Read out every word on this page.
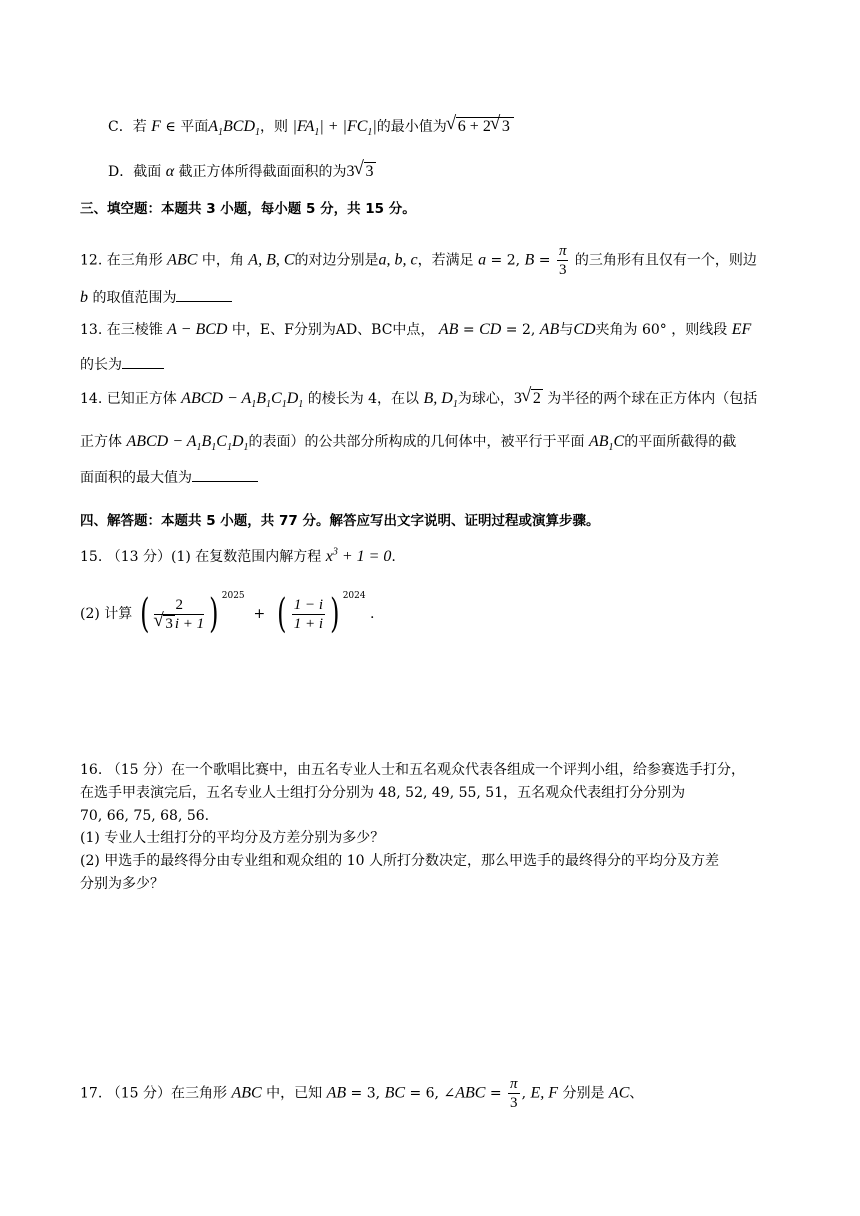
C．若 F ∈ 平面$A_1BCD_1$，则 $|FA_1| + |FC_1|$的最小值为 √ 6 + 2 √ 3
D．截面 α 截正方体所得截面面积的为3 √ 3
三、填空题：本题共 3 小题，每小题 5 分，共 15 分。
12. 在三角形 ABC 中，角 A, B, C的对边分别是a, b, c，若满足 a = 2, $B = \frac{\pi}{3}$ 的三角形有且仅有一个，则边
b 的取值范围为
13. 在三棱锥 A − BCD 中，E、F分别为AD、BC中点， AB = CD = 2, AB与CD夹角为 60° ，则线段 EF
的长为
14. 已知正方体 ABCD − $A_1B_1C_1D_1$ 的棱长为 4，在以 B, $D_1$为球心，3 √ 2 为半径的两个球在正方体内（包括
正方体 ABCD − $A_1B_1C_1D_1$的表面）的公共部分所构成的几何体中，被平行于平面 $AB_1C$的平面所截得的截
面面积的最大值为
四、解答题：本题共 5 小题，共 77 分。解答应写出文字说明、证明过程或演算步骤。
15. （13 分）(1) 在复数范围内解方程 $x^3 + 1 = 0$.
(2) 计算 ( 2
√ 3 i + 1 ) $^{2025}$  +  ( $\frac{1 - i}{1 + i}$ ) $^{2024}$ .
16. （15 分）在一个歌唱比赛中，由五名专业人士和五名观众代表各组成一个评判小组，给参赛选手打分，
在选手甲表演完后，五名专业人士组打分分别为 48, 52, 49, 55, 51，五名观众代表组打分分别为
70, 66, 75, 68, 56.
(1) 专业人士组打分的平均分及方差分别为多少？
(2) 甲选手的最终得分由专业组和观众组的 10 人所打分数决定，那么甲选手的最终得分的平均分及方差
分别为多少？
17. （15 分）在三角形 ABC 中，已知 AB = 3, BC = 6, ∠ABC = $\frac{\pi}{3}$ , E, F 分别是 AC、
